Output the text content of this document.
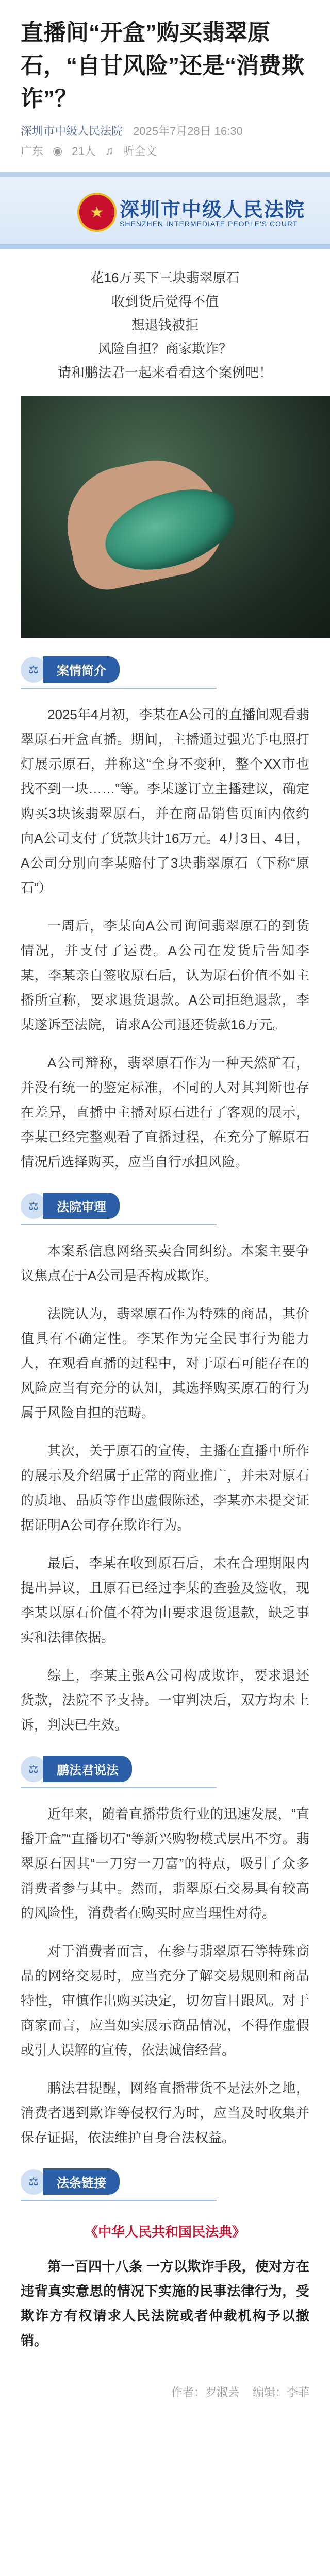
直播间“开盒”购买翡翠原石，“自甘风险”还是“消费欺诈”？
深圳市中级人民法院 2025年7月28日 16:30
广东 ◉ 21人 ♫ 听全文
★ 深圳市中级人民法院
SHENZHEN INTERMEDIATE PEOPLE'S COURT

花16万买下三块翡翠原石

收到货后觉得不值

想退钱被拒

风险自担？商家欺诈？

请和鹏法君一起来看看这个案例吧！

⚖	案情简介

2025年4月初，李某在A公司的直播间观看翡翠原石开盒直播。期间，主播通过强光手电照打灯展示原石，并称这“全身不变种，整个XX市也找不到一块……”等。李某遂订立主播建议，确定购买3块该翡翠原石，并在商品销售页面内依约向A公司支付了货款共计16万元。4月3日、4日，A公司分别向李某赔付了3块翡翠原石（下称“原石”）

一周后，李某向A公司询问翡翠原石的到货情况，并支付了运费。A公司在发货后告知李某，李某亲自签收原石后，认为原石价值不如主播所宣称，要求退货退款。A公司拒绝退款，李某遂诉至法院，请求A公司退还货款16万元。

A公司辩称，翡翠原石作为一种天然矿石，并没有统一的鉴定标准，不同的人对其判断也存在差异，直播中主播对原石进行了客观的展示，李某已经完整观看了直播过程，在充分了解原石情况后选择购买，应当自行承担风险。

⚖	法院审理

本案系信息网络买卖合同纠纷。本案主要争议焦点在于A公司是否构成欺诈。

法院认为，翡翠原石作为特殊的商品，其价值具有不确定性。李某作为完全民事行为能力人，在观看直播的过程中，对于原石可能存在的风险应当有充分的认知，其选择购买原石的行为属于风险自担的范畴。

其次，关于原石的宣传，主播在直播中所作的展示及介绍属于正常的商业推广，并未对原石的质地、品质等作出虚假陈述，李某亦未提交证据证明A公司存在欺诈行为。

最后，李某在收到原石后，未在合理期限内提出异议，且原石已经过李某的查验及签收，现李某以原石价值不符为由要求退货退款，缺乏事实和法律依据。

综上，李某主张A公司构成欺诈，要求退还货款，法院不予支持。一审判决后，双方均未上诉，判决已生效。

⚖	鹏法君说法

近年来，随着直播带货行业的迅速发展，“直播开盒”“直播切石”等新兴购物模式层出不穷。翡翠原石因其“一刀穷一刀富”的特点，吸引了众多消费者参与其中。然而，翡翠原石交易具有较高的风险性，消费者在购买时应当理性对待。

对于消费者而言，在参与翡翠原石等特殊商品的网络交易时，应当充分了解交易规则和商品特性，审慎作出购买决定，切勿盲目跟风。对于商家而言，应当如实展示商品情况，不得作虚假或引人误解的宣传，依法诚信经营。

鹏法君提醒，网络直播带货不是法外之地，消费者遇到欺诈等侵权行为时，应当及时收集并保存证据，依法维护自身合法权益。

⚖	法条链接
《中华人民共和国民法典》

第一百四十八条 一方以欺诈手段，使对方在违背真实意思的情况下实施的民事法律行为，受欺诈方有权请求人民法院或者仲裁机构予以撤销。

作者：罗淑芸 编辑：李菲
